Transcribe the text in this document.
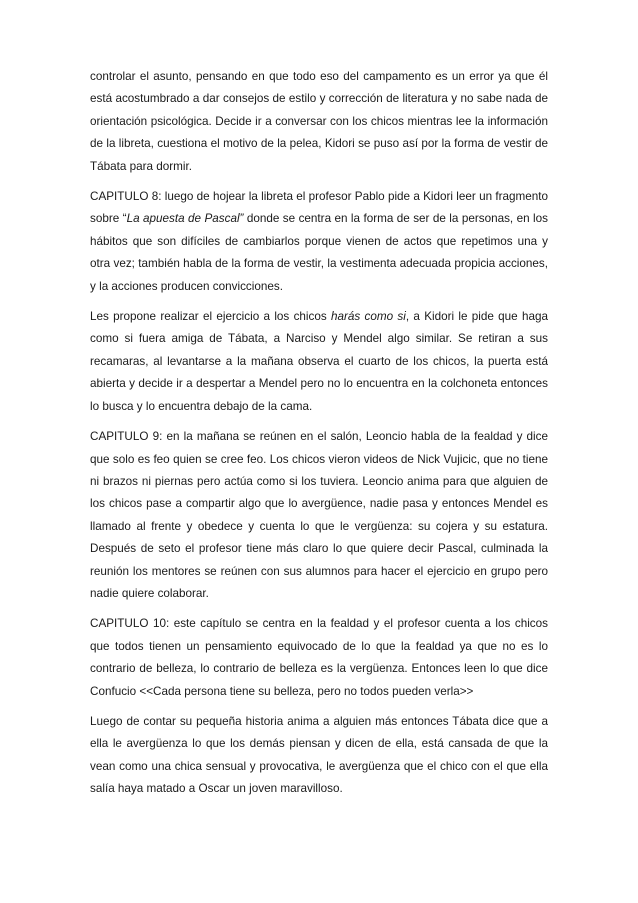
controlar el asunto, pensando en que todo eso del campamento es un error ya que él está acostumbrado a dar consejos de estilo y corrección de literatura y no sabe nada de orientación psicológica. Decide ir a conversar con los chicos mientras lee la información de la libreta, cuestiona el motivo de la pelea, Kidori se puso así por la forma de vestir de Tábata para dormir.

CAPITULO 8: luego de hojear la libreta el profesor Pablo pide a Kidori leer un fragmento sobre “La apuesta de Pascal” donde se centra en la forma de ser de la personas, en los hábitos que son difíciles de cambiarlos porque vienen de actos que repetimos una y otra vez; también habla de la forma de vestir, la vestimenta adecuada propicia acciones, y la acciones producen convicciones.

Les propone realizar el ejercicio a los chicos harás como si, a Kidori le pide que haga como si fuera amiga de Tábata, a Narciso y Mendel algo similar. Se retiran a sus recamaras, al levantarse a la mañana observa el cuarto de los chicos, la puerta está abierta y decide ir a despertar a Mendel pero no lo encuentra en la colchoneta entonces lo busca y lo encuentra debajo de la cama.

CAPITULO 9: en la mañana se reúnen en el salón, Leoncio habla de la fealdad y dice que solo es feo quien se cree feo. Los chicos vieron videos de Nick Vujicic, que no tiene ni brazos ni piernas pero actúa como si los tuviera. Leoncio anima para que alguien de los chicos pase a compartir algo que lo avergüence, nadie pasa y entonces Mendel es llamado al frente y obedece y cuenta lo que le vergüenza: su cojera y su estatura. Después de seto el profesor tiene más claro lo que quiere decir Pascal, culminada la reunión los mentores se reúnen con sus alumnos para hacer el ejercicio en grupo pero nadie quiere colaborar.

CAPITULO 10: este capítulo se centra en la fealdad y el profesor cuenta a los chicos que todos tienen un pensamiento equivocado de lo que la fealdad ya que no es lo contrario de belleza, lo contrario de belleza es la vergüenza. Entonces leen lo que dice Confucio <<Cada persona tiene su belleza, pero no todos pueden verla>>

Luego de contar su pequeña historia anima a alguien más entonces Tábata dice que a ella le avergüenza lo que los demás piensan y dicen de ella, está cansada de que la vean como una chica sensual y provocativa, le avergüenza que el chico con el que ella salía haya matado a Oscar un joven maravilloso.
